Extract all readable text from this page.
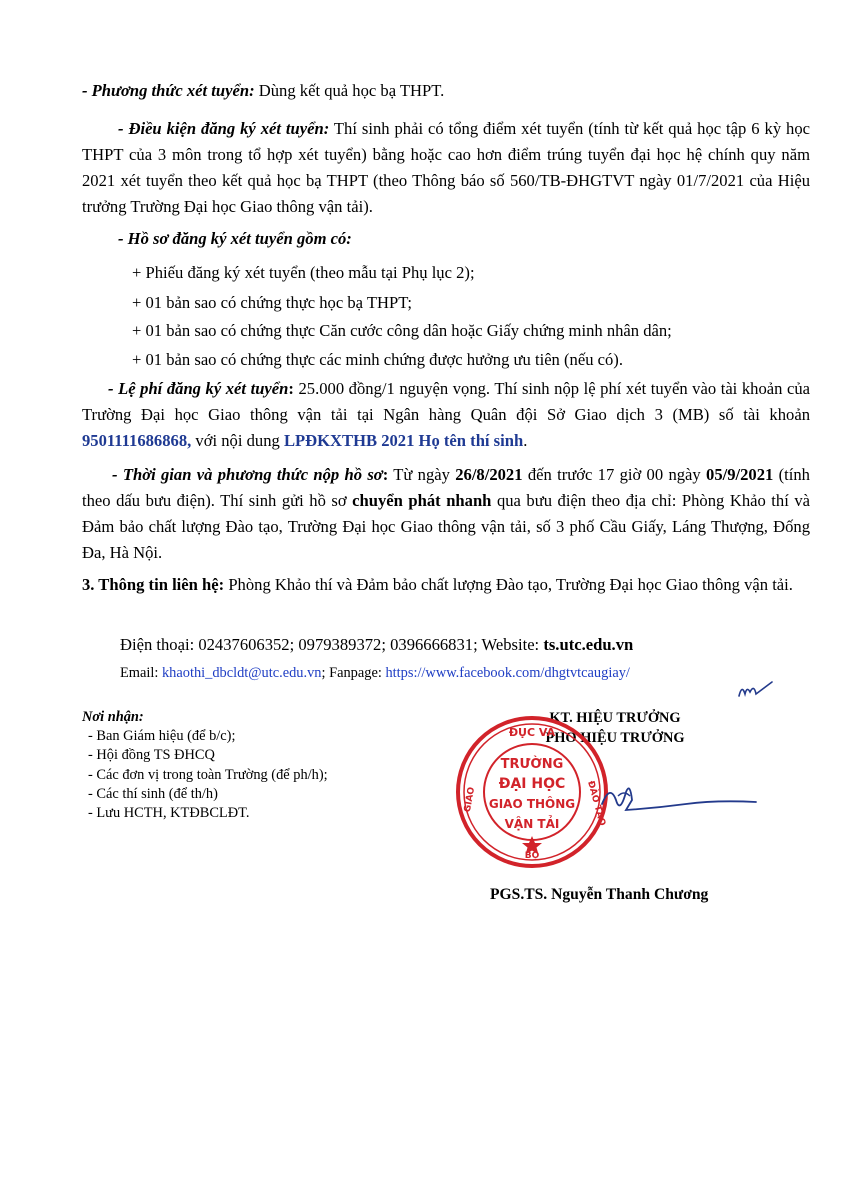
- Phương thức xét tuyển: Dùng kết quả học bạ THPT.

- Điều kiện đăng ký xét tuyển: Thí sinh phải có tổng điểm xét tuyển (tính từ kết quả học tập 6 kỳ học THPT của 3 môn trong tổ hợp xét tuyển) bằng hoặc cao hơn điểm trúng tuyển đại học hệ chính quy năm 2021 xét tuyển theo kết quả học bạ THPT (theo Thông báo số 560/TB-ĐHGTVT ngày 01/7/2021 của Hiệu trưởng Trường Đại học Giao thông vận tải).

- Hồ sơ đăng ký xét tuyển gồm có:

+ Phiếu đăng ký xét tuyển (theo mẫu tại Phụ lục 2);

+ 01 bản sao có chứng thực học bạ THPT;

+ 01 bản sao có chứng thực Căn cước công dân hoặc Giấy chứng minh nhân dân;

+ 01 bản sao có chứng thực các minh chứng được hưởng ưu tiên (nếu có).

- Lệ phí đăng ký xét tuyển: 25.000 đồng/1 nguyện vọng. Thí sinh nộp lệ phí xét tuyển vào tài khoản của Trường Đại học Giao thông vận tải tại Ngân hàng Quân đội Sở Giao dịch 3 (MB) số tài khoản 9501111686868, với nội dung LPĐKXTHB 2021 Họ tên thí sinh.

- Thời gian và phương thức nộp hồ sơ: Từ ngày 26/8/2021 đến trước 17 giờ 00 ngày 05/9/2021 (tính theo dấu bưu điện). Thí sinh gửi hồ sơ chuyển phát nhanh qua bưu điện theo địa chỉ: Phòng Khảo thí và Đảm bảo chất lượng Đào tạo, Trường Đại học Giao thông vận tải, số 3 phố Cầu Giấy, Láng Thượng, Đống Đa, Hà Nội.

3. Thông tin liên hệ: Phòng Khảo thí và Đảm bảo chất lượng Đào tạo, Trường Đại học Giao thông vận tải.

Điện thoại: 02437606352; 0979389372; 0396666831; Website: ts.utc.edu.vn

Email: khaothi_dbcldt@utc.edu.vn; Fanpage: https://www.facebook.com/dhgtvtcaugiay/

Nơi nhận:
- Ban Giám hiệu (để b/c);
- Hội đồng TS ĐHCQ
- Các đơn vị trong toàn Trường (để ph/h);
- Các thí sinh (để th/h)
- Lưu HCTH, KTĐBCLĐT.
KT. HIỆU TRƯỞNG
PHÓ HIỆU TRƯỞNG
ĐỤC VÀ
ĐÀO TẠO
GIÁO
BỘ
TRƯỜNG
ĐẠI HỌC
GIAO THÔNG
VẬN TẢI
PGS.TS. Nguyễn Thanh Chương
